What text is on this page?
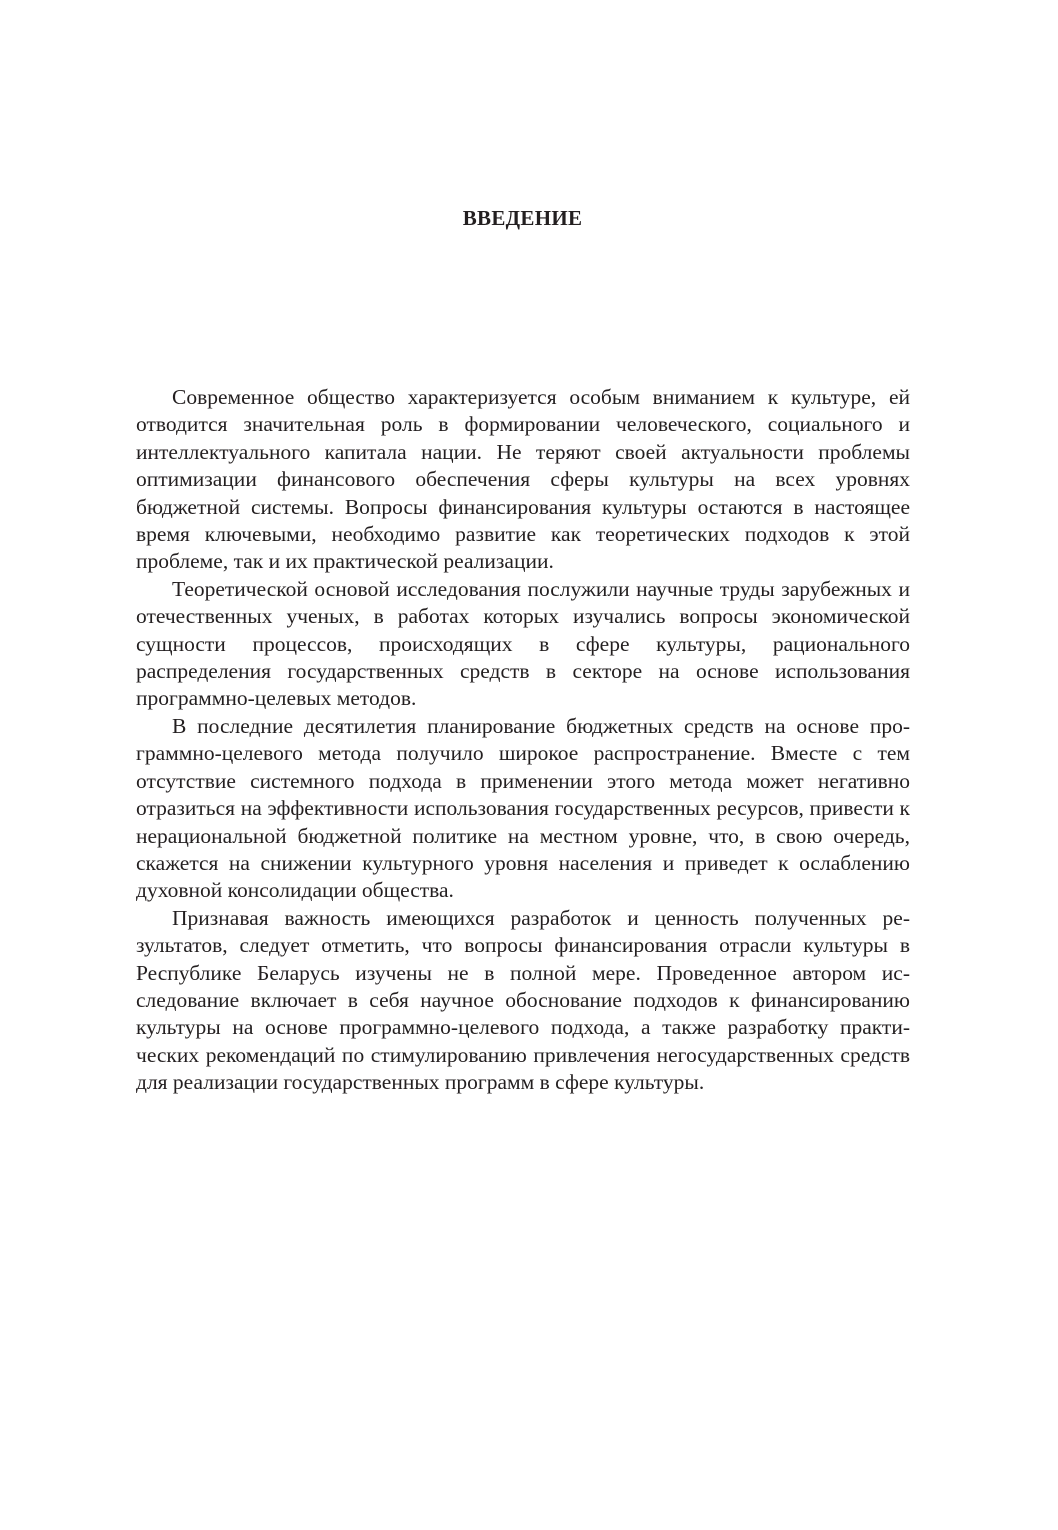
ВВЕДЕНИЕ

Современное общество характеризуется особым вниманием к культуре, ей отводится значительная роль в формировании человеческого, социального и интеллектуального капитала нации. Не теряют своей актуальности проблемы оптимизации финансового обеспечения сферы культуры на всех уровнях бюджетной системы. Вопросы финансирования культуры остаются в настоящее время ключевыми, необходимо развитие как теоретических подходов к этой проблеме, так и их практической реализации.

Теоретической основой исследования послужили научные труды зарубежных и отечественных ученых, в работах которых изучались вопросы экономической сущности процессов, происходящих в сфере культуры, рационального распределения государственных средств в секторе на основе использования программно-целевых методов.

В последние десятилетия планирование бюджетных средств на основе программно-целевого метода получило широкое распространение. Вместе с тем отсутствие системного подхода в применении этого метода может негативно отразиться на эффективности использования государственных ресурсов, привести к нерациональной бюджетной политике на местном уровне, что, в свою очередь, скажется на снижении культурного уровня населения и приведет к ослаблению духовной консолидации общества.

Признавая важность имеющихся разработок и ценность полученных результатов, следует отметить, что вопросы финансирования отрасли культуры в Республике Беларусь изучены не в полной мере. Проведенное автором исследование включает в себя научное обоснование подходов к финансированию культуры на основе программно-целевого подхода, а также разработку практических рекомендаций по стимулированию привлечения негосударственных средств для реализации государственных программ в сфере культуры.
